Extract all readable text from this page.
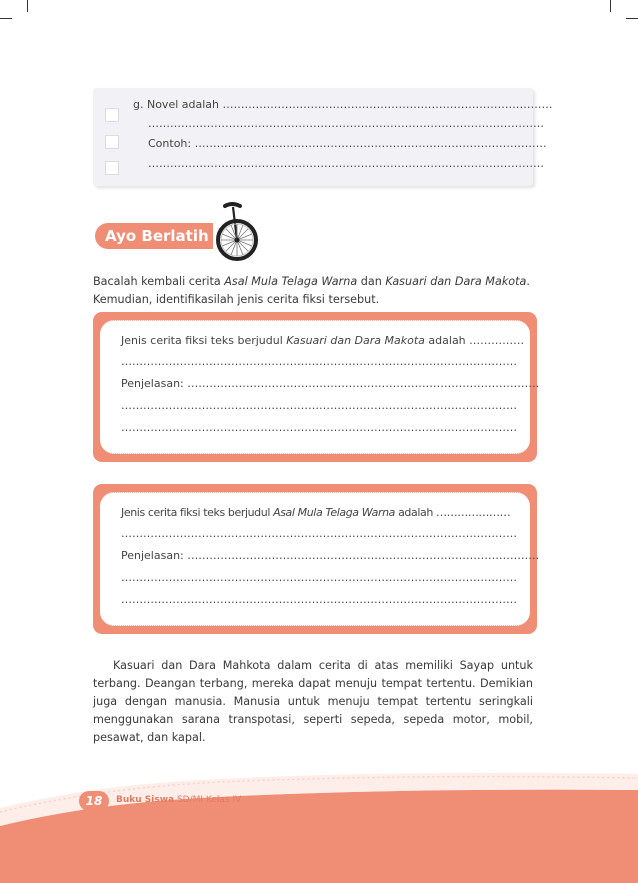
g. Novel adalah ………………………………………………………………………………
………………………………………………………………………………………………
Contoh: ……………………………………………………………………………………
………………………………………………………………………………………………
Ayo Berlatih
Bacalah kembali cerita Asal Mula Telaga Warna dan Kasuari dan Dara Makota.
Kemudian, identifikasilah jenis cerita fiksi tersebut.
Jenis cerita fiksi teks berjudul Kasuari dan Dara Makota adalah ……………
………………………………………………………………………………………………
Penjelasan: ……………………………………………………………………………………
………………………………………………………………………………………………
………………………………………………………………………………………………
Jenis cerita fiksi teks berjudul Asal Mula Telaga Warna adalah …………………
………………………………………………………………………………………………
Penjelasan: ……………………………………………………………………………………
………………………………………………………………………………………………
………………………………………………………………………………………………
Kasuari dan Dara Mahkota dalam cerita di atas memiliki Sayap untuk terbang. Deangan terbang, mereka dapat menuju tempat tertentu. Demikian juga dengan manusia. Manusia untuk menuju tempat tertentu seringkali menggunakan sarana transpotasi, seperti sepeda, sepeda motor, mobil, pesawat, dan kapal.
18	Buku Siswa SD/MI Kelas IV
